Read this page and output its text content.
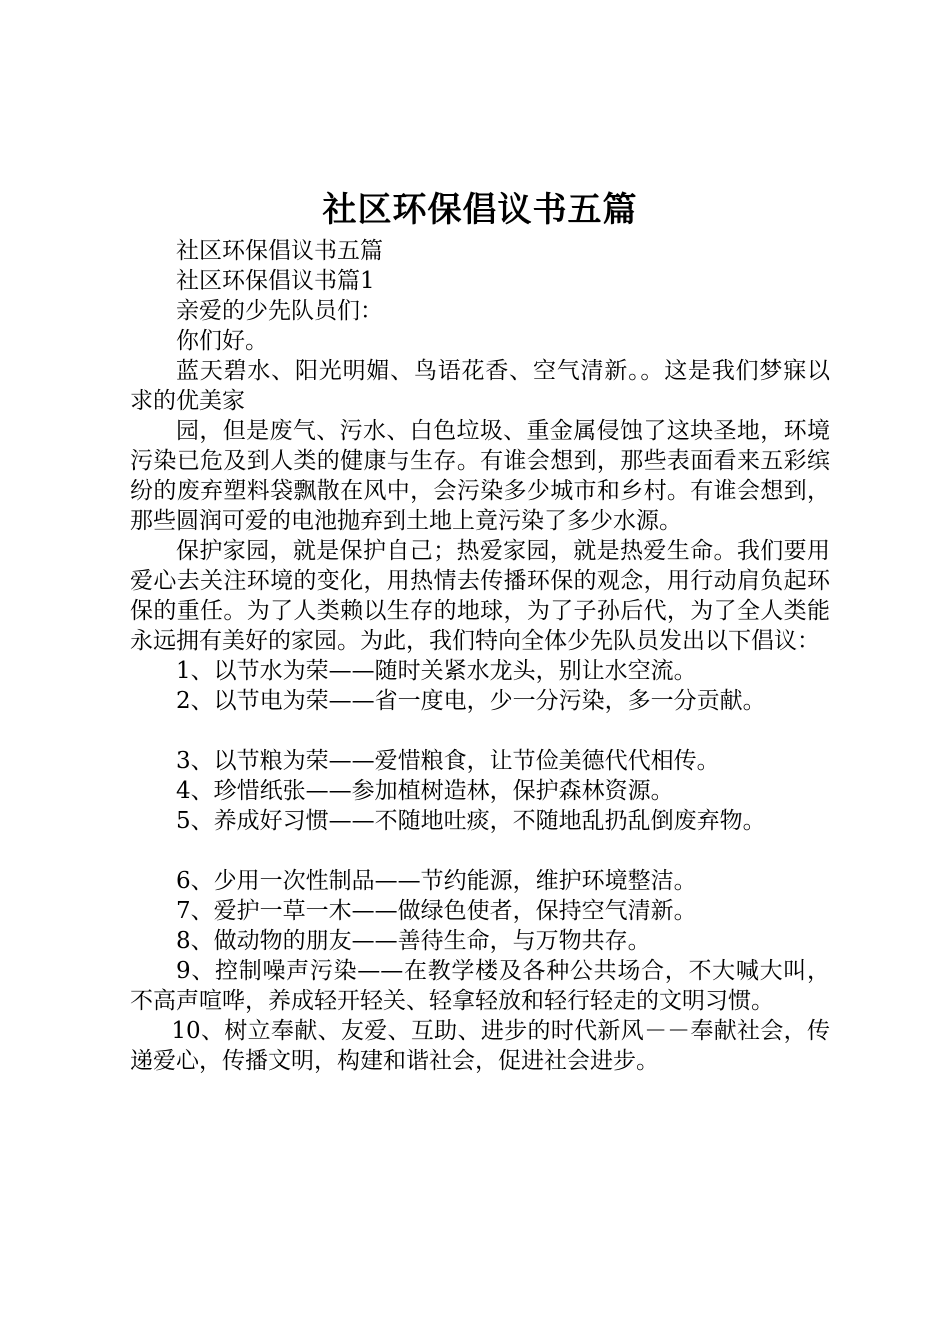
社区环保倡议书五篇

社区环保倡议书五篇

社区环保倡议书篇1

亲爱的少先队员们：

你们好。

蓝天碧水、阳光明媚、鸟语花香、空气清新。。这是我们梦寐以求的优美家

园，但是废气、污水、白色垃圾、重金属侵蚀了这块圣地，环境污染已危及到人类的健康与生存。有谁会想到，那些表面看来五彩缤纷的废弃塑料袋飘散在风中，会污染多少城市和乡村。有谁会想到，那些圆润可爱的电池抛弃到土地上竟污染了多少水源。

保护家园，就是保护自己；热爱家园，就是热爱生命。我们要用爱心去关注环境的变化，用热情去传播环保的观念，用行动肩负起环保的重任。为了人类赖以生存的地球，为了子孙后代，为了全人类能永远拥有美好的家园。为此，我们特向全体少先队员发出以下倡议：

1、以节水为荣——随时关紧水龙头，别让水空流。

2、以节电为荣——省一度电，少一分污染，多一分贡献。

3、以节粮为荣——爱惜粮食，让节俭美德代代相传。

4、珍惜纸张——参加植树造林，保护森林资源。

5、养成好习惯——不随地吐痰，不随地乱扔乱倒废弃物。

6、少用一次性制品——节约能源，维护环境整洁。

7、爱护一草一木——做绿色使者，保持空气清新。

8、做动物的朋友——善待生命，与万物共存。

9、控制噪声污染——在教学楼及各种公共场合，不大喊大叫，不高声喧哗，养成轻开轻关、轻拿轻放和轻行轻走的文明习惯。

10、树立奉献、友爱、互助、进步的时代新风－－奉献社会，传递爱心，传播文明，构建和谐社会，促进社会进步。
